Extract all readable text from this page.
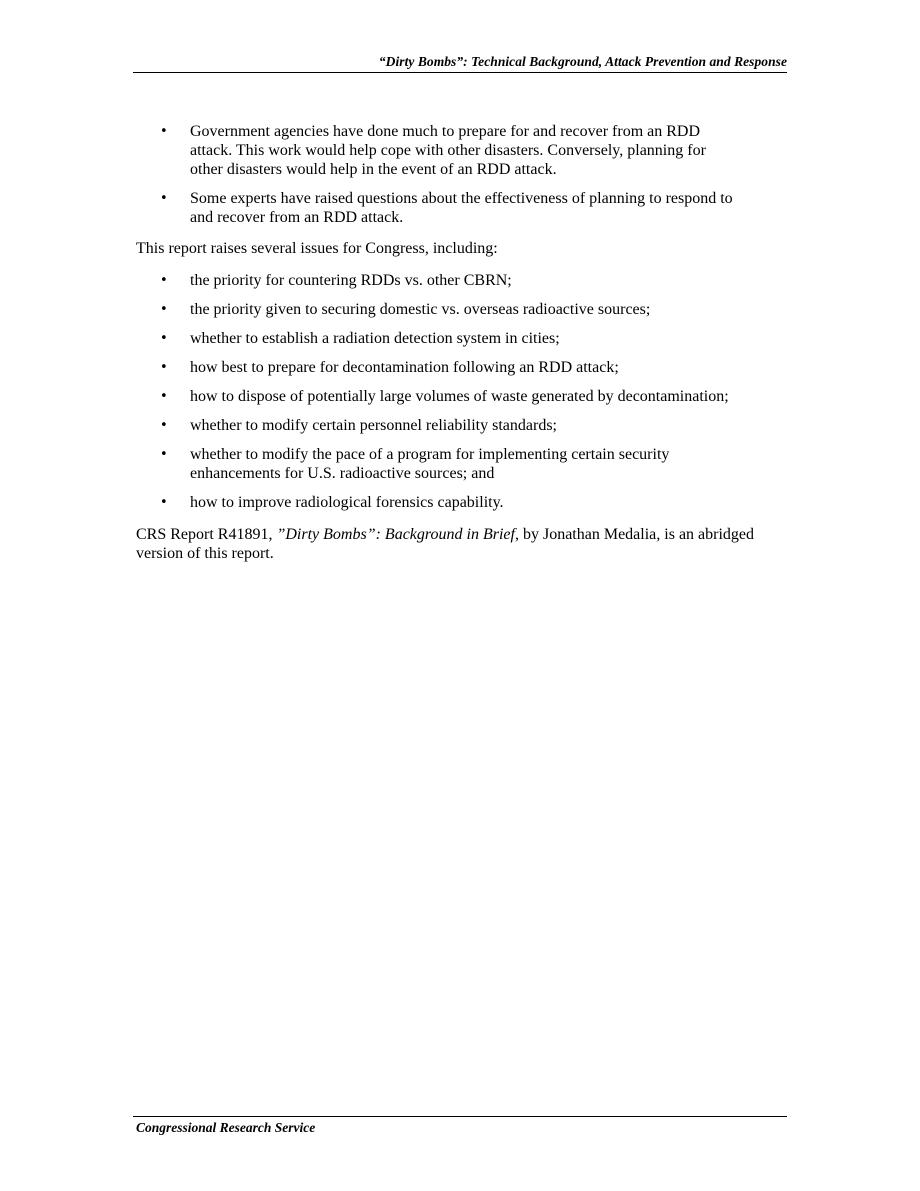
“Dirty Bombs”: Technical Background, Attack Prevention and Response
• Government agencies have done much to prepare for and recover from an RDD attack. This work would help cope with other disasters. Conversely, planning for other disasters would help in the event of an RDD attack.
• Some experts have raised questions about the effectiveness of planning to respond to and recover from an RDD attack.

This report raises several issues for Congress, including:

• the priority for countering RDDs vs. other CBRN;
• the priority given to securing domestic vs. overseas radioactive sources;
• whether to establish a radiation detection system in cities;
• how best to prepare for decontamination following an RDD attack;
• how to dispose of potentially large volumes of waste generated by decontamination;
• whether to modify certain personnel reliability standards;
• whether to modify the pace of a program for implementing certain security enhancements for U.S. radioactive sources; and
• how to improve radiological forensics capability.

CRS Report R41891, ”Dirty Bombs”: Background in Brief, by Jonathan Medalia, is an abridged version of this report.

Congressional Research Service
